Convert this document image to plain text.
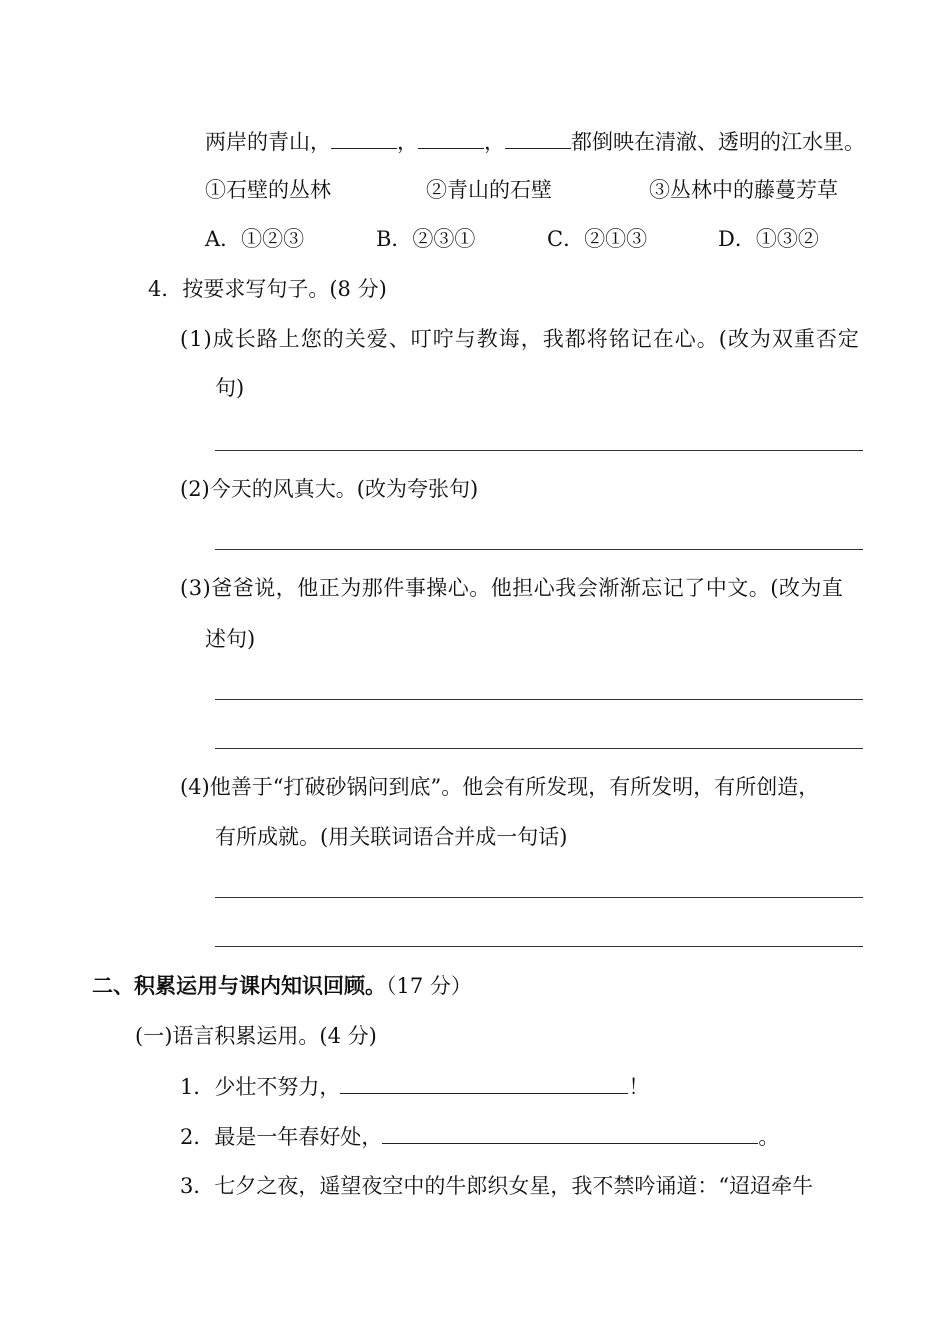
两岸的青山，	，	，	都倒映在清澈、透明的江水里。
①石壁的丛林	②青山的石壁	③丛林中的藤蔓芳草
A．①②③	B．②③①	C．②①③	D．①③②
4．按要求写句子。(8 分)
(1)成长路上您的关爱、叮咛与教诲，我都将铭记在心。(改为双重否定
句)
(2)今天的风真大。(改为夸张句)
(3)爸爸说，他正为那件事操心。他担心我会渐渐忘记了中文。(改为直
述句)
(4)他善于“打破砂锅问到底”。他会有所发现，有所发明，有所创造，
有所成就。(用关联词语合并成一句话)
二、积累运用与课内知识回顾。（17 分）
(一)语言积累运用。(4 分)
1．少壮不努力，	！
2．最是一年春好处，	。
3．七夕之夜，遥望夜空中的牛郎织女星，我不禁吟诵道：“迢迢牵牛
